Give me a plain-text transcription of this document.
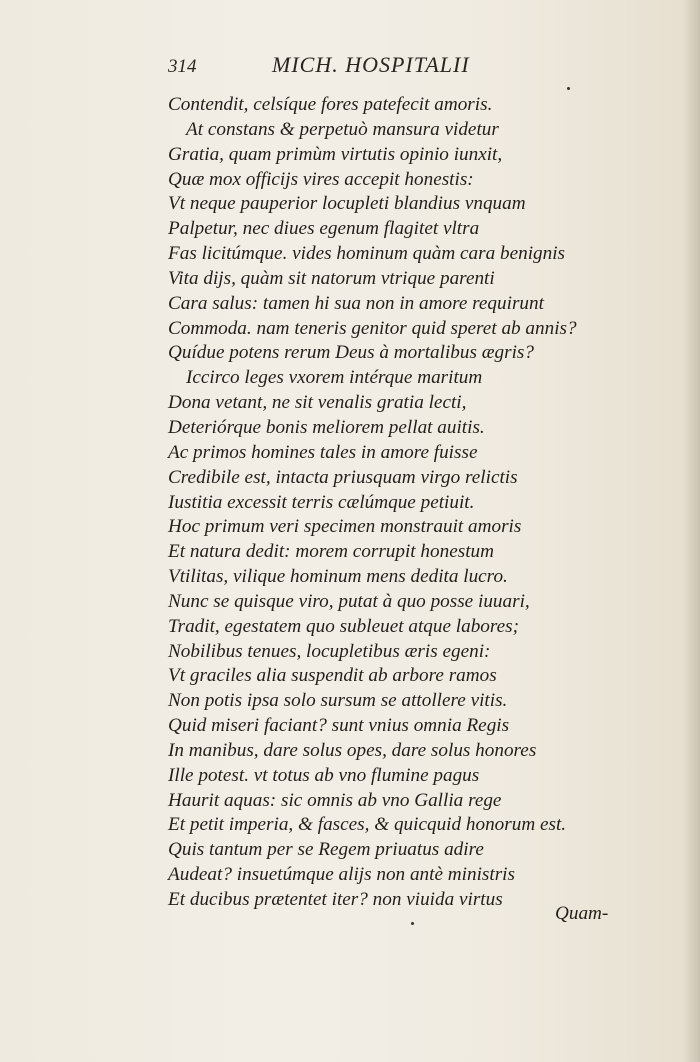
314	MICH. HOSPITALII
Contendit, celsíque fores patefecit amoris.
At constans & perpetuò mansura videtur
Gratia, quam primùm virtutis opinio iunxit,
Quæ mox officijs vires accepit honestis:
Vt neque pauperior locupleti blandius vnquam
Palpetur, nec diues egenum flagitet vltra
Fas licitúmque. vides hominum quàm cara benignis
Vita dijs, quàm sit natorum vtrique parenti
Cara salus: tamen hi sua non in amore requirunt
Commoda. nam teneris genitor quid speret ab annis?
Quídue potens rerum Deus à mortalibus ægris?
Iccirco leges vxorem intérque maritum
Dona vetant, ne sit venalis gratia lecti,
Deteriórque bonis meliorem pellat auitis.
Ac primos homines tales in amore fuisse
Credibile est, intacta priusquam virgo relictis
Iustitia excessit terris cælúmque petiuit.
Hoc primum veri specimen monstrauit amoris
Et natura dedit: morem corrupit honestum
Vtilitas, vilique hominum mens dedita lucro.
Nunc se quisque viro, putat à quo posse iuuari,
Tradit, egestatem quo subleuet atque labores;
Nobilibus tenues, locupletibus æris egeni:
Vt graciles alia suspendit ab arbore ramos
Non potis ipsa solo sursum se attollere vitis.
Quid miseri faciant? sunt vnius omnia Regis
In manibus, dare solus opes, dare solus honores
Ille potest. vt totus ab vno flumine pagus
Haurit aquas: sic omnis ab vno Gallia rege
Et petit imperia, & fasces, & quicquid honorum est.
Quis tantum per se Regem priuatus adire
Audeat? insuetúmque alijs non antè ministris
Et ducibus prætentet iter? non viuida virtus
Quam-
